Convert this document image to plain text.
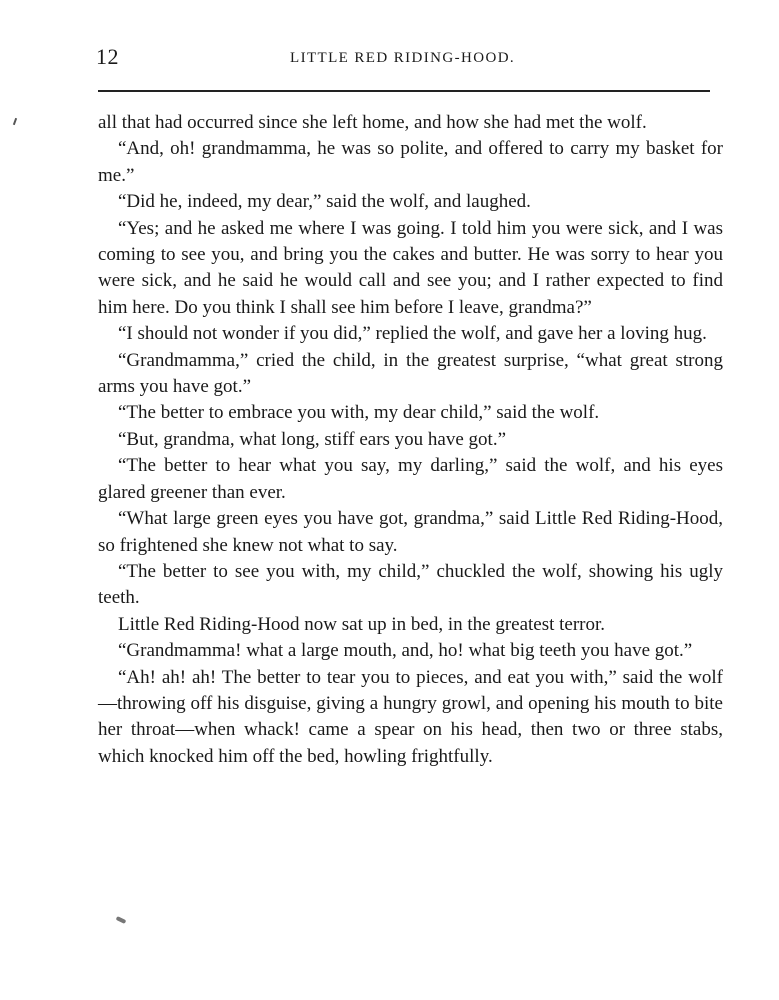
12	LITTLE RED RIDING-HOOD.

all that had occurred since she left home, and how she had met the wolf.

“And, oh! grandmamma, he was so polite, and offered to carry my basket for me.”

“Did he, indeed, my dear,” said the wolf, and laughed.

“Yes; and he asked me where I was going. I told him you were sick, and I was coming to see you, and bring you the cakes and butter. He was sorry to hear you were sick, and he said he would call and see you; and I rather expected to find him here. Do you think I shall see him before I leave, grandma?”

“I should not wonder if you did,” replied the wolf, and gave her a loving hug.

“Grandmamma,” cried the child, in the greatest surprise, “what great strong arms you have got.”

“The better to embrace you with, my dear child,” said the wolf.

“But, grandma, what long, stiff ears you have got.”

“The better to hear what you say, my darling,” said the wolf, and his eyes glared greener than ever.

“What large green eyes you have got, grandma,” said Little Red Riding-Hood, so frightened she knew not what to say.

“The better to see you with, my child,” chuckled the wolf, showing his ugly teeth.

Little Red Riding-Hood now sat up in bed, in the greatest terror.

“Grandmamma! what a large mouth, and, ho! what big teeth you have got.”

“Ah! ah! ah! The better to tear you to pieces, and eat you with,” said the wolf—throwing off his disguise, giving a hungry growl, and opening his mouth to bite her throat—when whack! came a spear on his head, then two or three stabs, which knocked him off the bed, howling frightfully.
